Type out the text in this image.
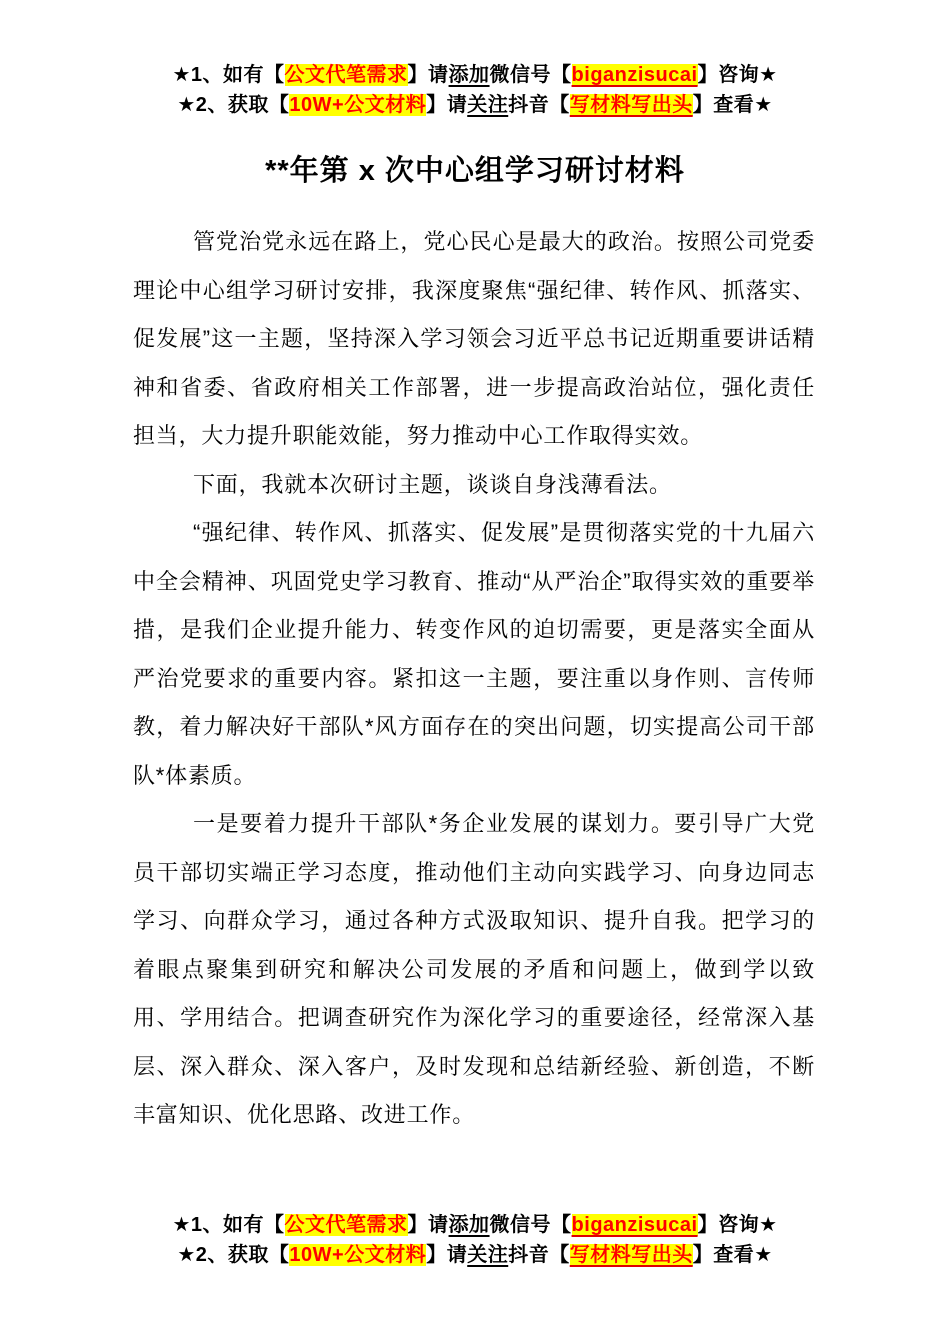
★1、如有【公文代笔需求】请添加微信号【biganzisucai】咨询★
★2、获取【10W+公文材料】请关注抖音【写材料写出头】查看★
**年第 x 次中心组学习研讨材料

管党治党永远在路上，党心民心是最大的政治。按照公司党委理论中心组学习研讨安排，我深度聚焦“强纪律、转作风、抓落实、促发展”这一主题，坚持深入学习领会习近平总书记近期重要讲话精神和省委、省政府相关工作部署，进一步提高政治站位，强化责任担当，大力提升职能效能，努力推动中心工作取得实效。

下面，我就本次研讨主题，谈谈自身浅薄看法。

“强纪律、转作风、抓落实、促发展”是贯彻落实党的十九届六中全会精神、巩固党史学习教育、推动“从严治企”取得实效的重要举措，是我们企业提升能力、转变作风的迫切需要，更是落实全面从严治党要求的重要内容。紧扣这一主题，要注重以身作则、言传师教，着力解决好干部队*风方面存在的突出问题，切实提高公司干部队*体素质。

一是要着力提升干部队*务企业发展的谋划力。要引导广大党员干部切实端正学习态度，推动他们主动向实践学习、向身边同志学习、向群众学习，通过各种方式汲取知识、提升自我。把学习的着眼点聚集到研究和解决公司发展的矛盾和问题上，做到学以致用、学用结合。把调查研究作为深化学习的重要途径，经常深入基层、深入群众、深入客户，及时发现和总结新经验、新创造，不断丰富知识、优化思路、改进工作。

★1、如有【公文代笔需求】请添加微信号【biganzisucai】咨询★
★2、获取【10W+公文材料】请关注抖音【写材料写出头】查看★
